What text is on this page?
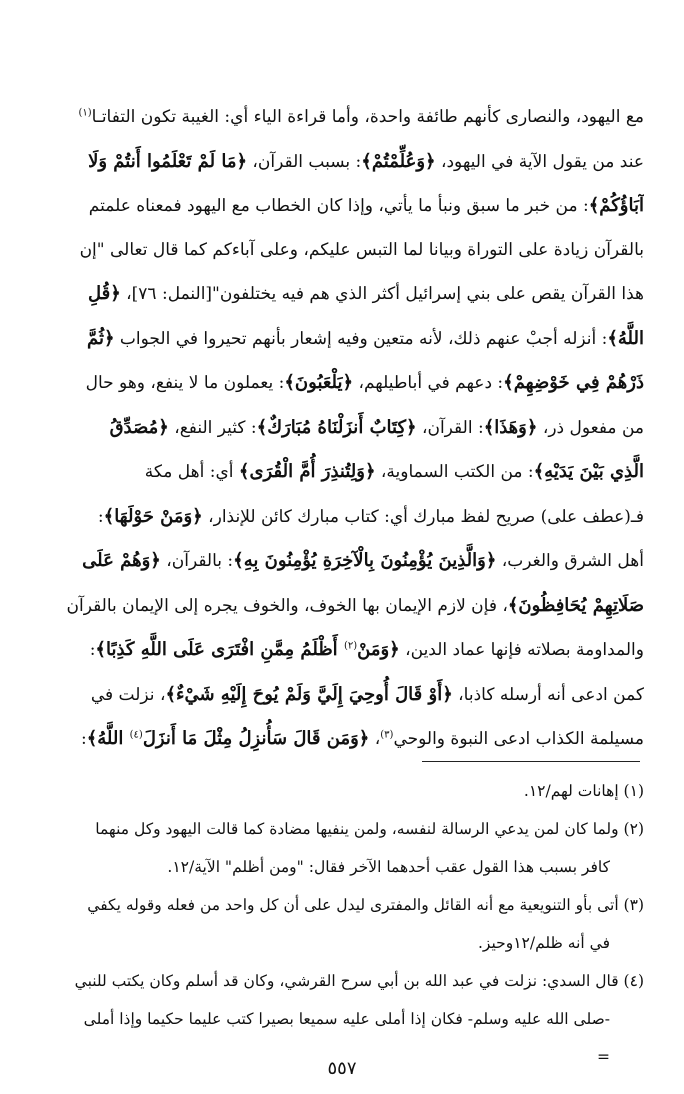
مع اليهود، والنصارى كأنهم طائفة واحدة، وأما قراءة الياء أي: الغيبة تكون التفاتـا$^{(١)}$
عند من يقول الآية في اليهود، ﴿وَعُلِّمْتُمْ﴾: بسبب القرآن، ﴿مَا لَمْ تَعْلَمُوا أَنتُمْ وَلَا
آبَاؤُكُمْ﴾: من خبر ما سبق ونبأ ما يأتي، وإذا كان الخطاب مع اليهود فمعناه علمتم
بالقرآن زيادة على التوراة وبيانا لما التبس عليكم، وعلى آباءكم كما قال تعالى "إن
هذا القرآن يقص على بني إسرائيل أكثر الذي هم فيه يختلفون"[النمل: ٧٦]، ﴿قُلِ
اللَّهُ﴾: أنزله أجبْ عنهم ذلك، لأنه متعين وفيه إشعار بأنهم تحيروا في الجواب ﴿ثُمَّ
ذَرْهُمْ فِي خَوْضِهِمْ﴾: دعهم في أباطيلهم، ﴿يَلْعَبُونَ﴾: يعملون ما لا ينفع، وهو حال
من مفعول ذر، ﴿وَهَذَا﴾: القرآن، ﴿كِتَابٌ أَنزَلْنَاهُ مُبَارَكٌ﴾: كثير النفع، ﴿مُصَدِّقُ
الَّذِي بَيْنَ يَدَيْهِ﴾: من الكتب السماوية، ﴿وَلِتُنذِرَ أُمَّ الْقُرَى﴾ أي: أهل مكة
فـ(عطف على) صريح لفظ مبارك أي: كتاب مبارك كائن للإنذار، ﴿وَمَنْ حَوْلَهَا﴾:
أهل الشرق والغرب، ﴿وَالَّذِينَ يُؤْمِنُونَ بِالْآخِرَةِ يُؤْمِنُونَ بِهِ﴾: بالقرآن، ﴿وَهُمْ عَلَى
صَلَاتِهِمْ يُحَافِظُونَ﴾، فإن لازم الإيمان بها الخوف، والخوف يجره إلى الإيمان بالقرآن
والمداومة بصلاته فإنها عماد الدين، ﴿وَمَنْ$^{(٢)}$ أَظْلَمُ مِمَّنِ افْتَرَى عَلَى اللَّهِ كَذِبًا﴾:
كمن ادعى أنه أرسله كاذبا، ﴿أَوْ قَالَ أُوحِيَ إِلَيَّ وَلَمْ يُوحَ إِلَيْهِ شَيْءٌ﴾، نزلت في
مسيلمة الكذاب ادعى النبوة والوحي$^{(٣)}$، ﴿وَمَن قَالَ سَأُنزِلُ مِثْلَ مَا أَنزَلَ$^{(٤)}$ اللَّهُ﴾:
(١) إهانات لهم/١٢.
(٢) ولما كان لمن يدعي الرسالة لنفسه، ولمن ينفيها مضادة كما قالت اليهود وكل منهما
كافر بسبب هذا القول عقب أحدهما الآخر فقال: "ومن أظلم" الآية/١٢.
(٣) أتى بأو التنويعية مع أنه القائل والمفترى ليدل على أن كل واحد من فعله وقوله يكفي
في أنه ظلم/١٢وحيز.
(٤) قال السدي: نزلت في عبد الله بن أبي سرح القرشي، وكان قد أسلم وكان يكتب للنبي
-صلى الله عليه وسلم- فكان إذا أملى عليه سميعا بصيرا كتب عليما حكيما وإذا أملى
=
٥٥٧
